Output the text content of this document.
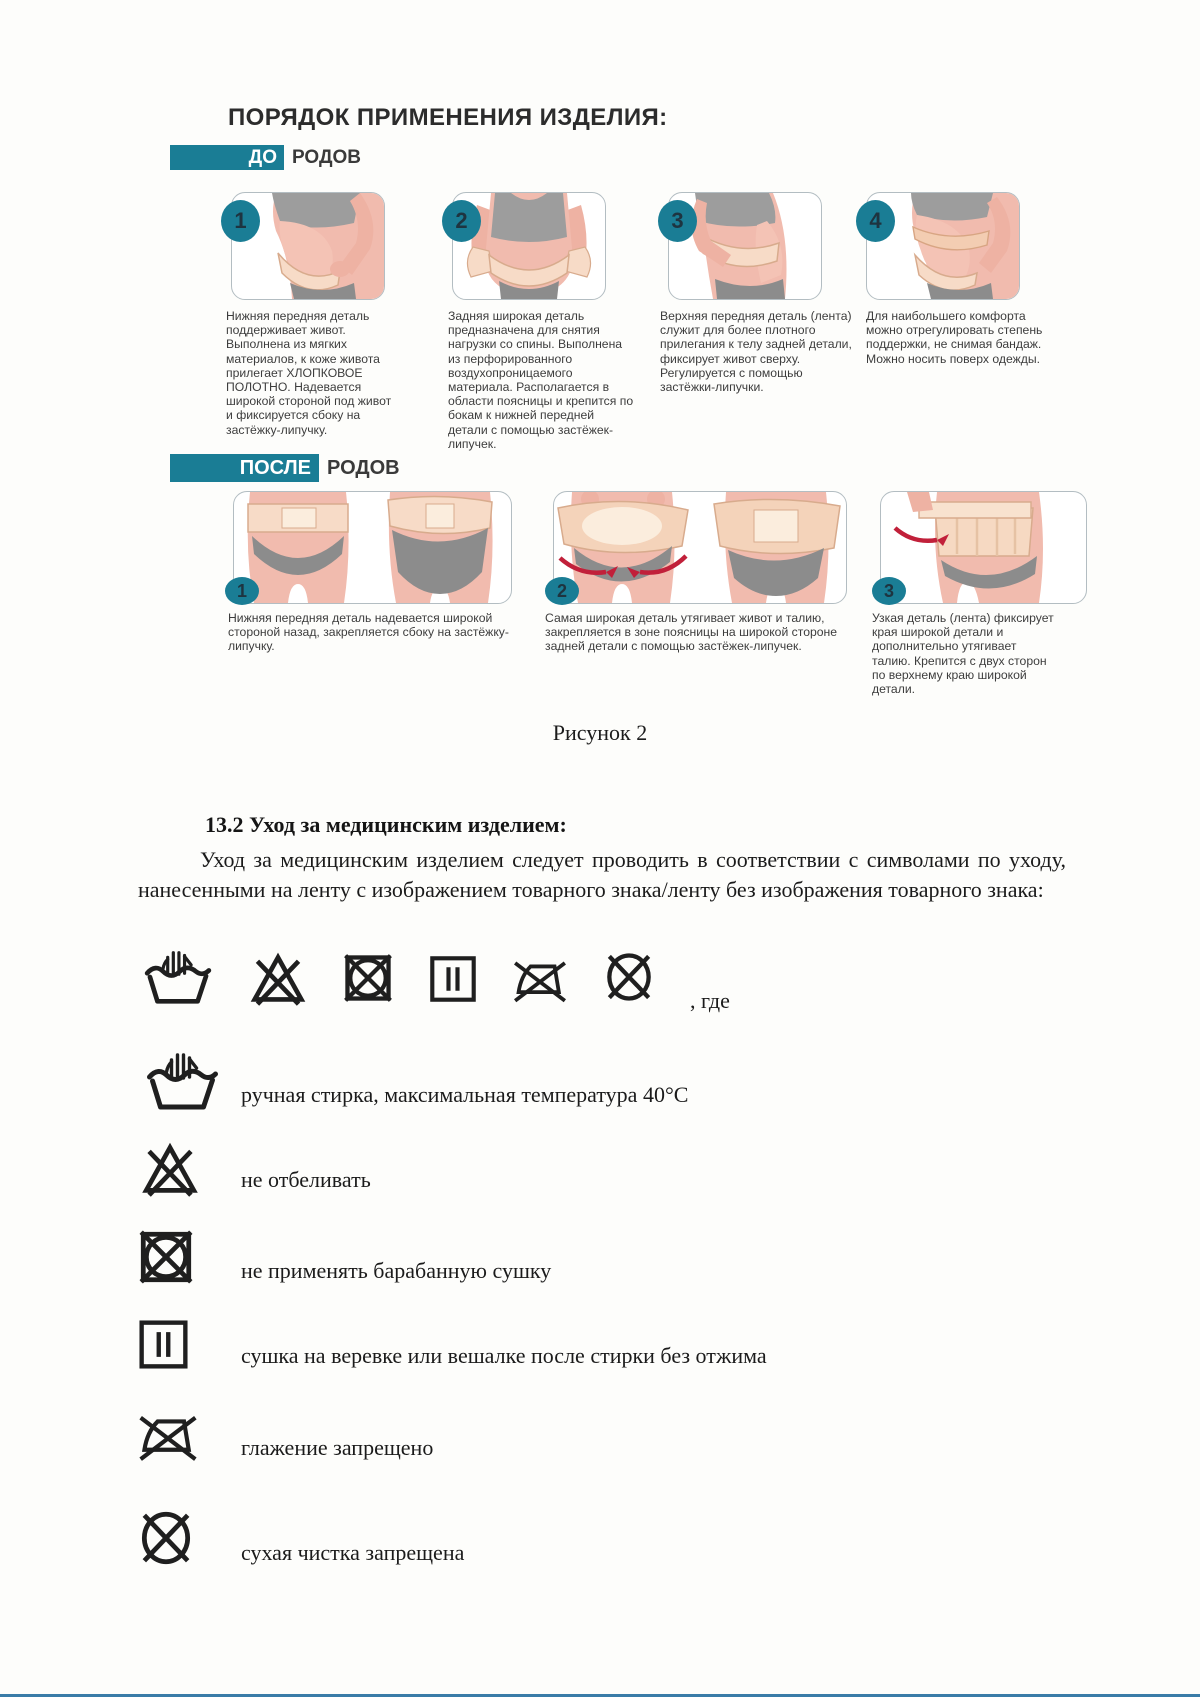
ПОРЯДОК ПРИМЕНЕНИЯ ИЗДЕЛИЯ:
ДО РОДОВ
1	2	3	4

Нижняя передняя деталь поддерживает живот. Выполнена из мягких материалов, к коже живота прилегает ХЛОПКОВОЕ ПОЛОТНО. Надевается широкой стороной под живот и фиксируется сбоку на застёжку-липучку.

Задняя широкая деталь предназначена для снятия нагрузки со спины. Выполнена из перфорированного воздухопроницаемого материала. Располагается в области поясницы и крепится по бокам к нижней передней детали с помощью застёжек-липучек.

Верхняя передняя деталь (лента) служит для более плотного прилегания к телу задней детали, фиксирует живот сверху. Регулируется с помощью застёжки-липучки.

Для наибольшего комфорта можно отрегулировать степень поддержки, не снимая бандаж. Можно носить поверх одежды.

ПОСЛЕ РОДОВ
1	2	3

Нижняя передняя деталь надевается широкой стороной назад, закрепляется сбоку на застёжку-липучку.

Самая широкая деталь утягивает живот и талию, закрепляется в зоне поясницы на широкой стороне задней детали с помощью застёжек-липучек.

Узкая деталь (лента) фиксирует края широкой детали и дополнительно утягивает талию. Крепится с двух сторон по верхнему краю широкой детали.

Рисунок 2
13.2 Уход за медицинским изделием:

Уход за медицинским изделием следует проводить в соответствии с символами по уходу, нанесенными на ленту с изображением товарного знака/ленту без изображения товарного знака:

, где
ручная стирка, максимальная температура 40°C
не отбеливать
не применять барабанную сушку
сушка на веревке или вешалке после стирки без отжима
глажение запрещено
сухая чистка запрещена
